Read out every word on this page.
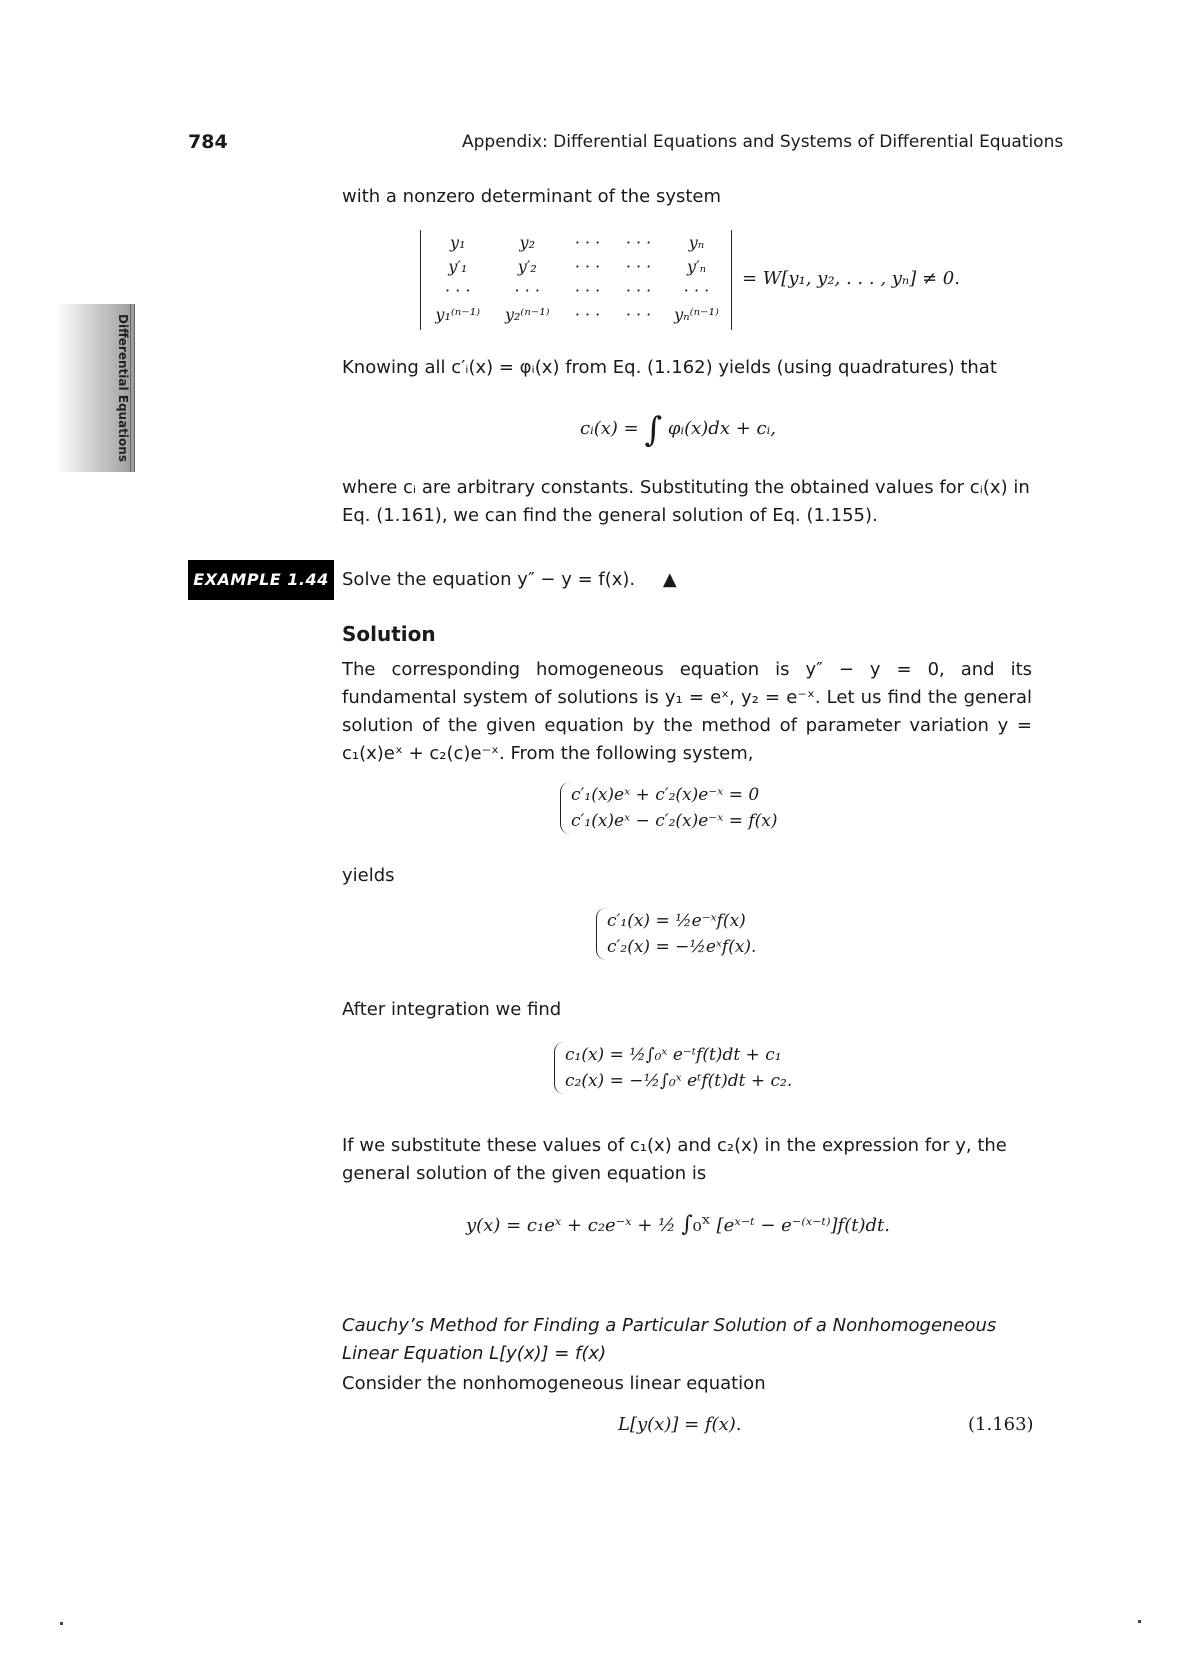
784	Appendix: Differential Equations and Systems of Differential Equations
Differential Equations
with a nonzero determinant of the system
y₁	y₂	· · ·	· · ·	yₙ
y′₁	y′₂	· · ·	· · ·	y′ₙ
· · ·	· · ·	· · ·	· · ·	· · ·
y₁⁽ⁿ⁻¹⁾	y₂⁽ⁿ⁻¹⁾	· · ·	· · ·	yₙ⁽ⁿ⁻¹⁾
= W[y₁, y₂, . . . , yₙ] ≠ 0.
Knowing all c′ᵢ(x) = φᵢ(x) from Eq. (1.162) yields (using quadratures) that
cᵢ(x) = ∫ φᵢ(x)dx + cᵢ,
where cᵢ are arbitrary constants. Substituting the obtained values for cᵢ(x) in Eq. (1.161), we can find the general solution of Eq. (1.155).
EXAMPLE 1.44 Solve the equation y″ − y = f(x). ▲
Solution
The corresponding homogeneous equation is y″ − y = 0, and its fundamental system of solutions is y₁ = eˣ, y₂ = e⁻ˣ. Let us find the general solution of the given equation by the method of parameter variation y = c₁(x)eˣ + c₂(c)e⁻ˣ. From the following system,
c′₁(x)eˣ + c′₂(x)e⁻ˣ = 0
c′₁(x)eˣ − c′₂(x)e⁻ˣ = f(x)
yields
c′₁(x) = ½e⁻ˣf(x)
c′₂(x) = −½eˣf(x).
After integration we find
c₁(x) = ½∫₀ˣ e⁻ᵗf(t)dt + c₁
c₂(x) = −½∫₀ˣ eᵗf(t)dt + c₂.
If we substitute these values of c₁(x) and c₂(x) in the expression for y, the general solution of the given equation is
y(x) = c₁eˣ + c₂e⁻ˣ + ½ ∫₀ˣ [eˣ⁻ᵗ − e⁻⁽ˣ⁻ᵗ⁾]f(t)dt.
Cauchy’s Method for Finding a Particular Solution of a Nonhomogeneous
Linear Equation L[y(x)] = f(x)
Consider the nonhomogeneous linear equation
L[y(x)] = f(x).	(1.163)
